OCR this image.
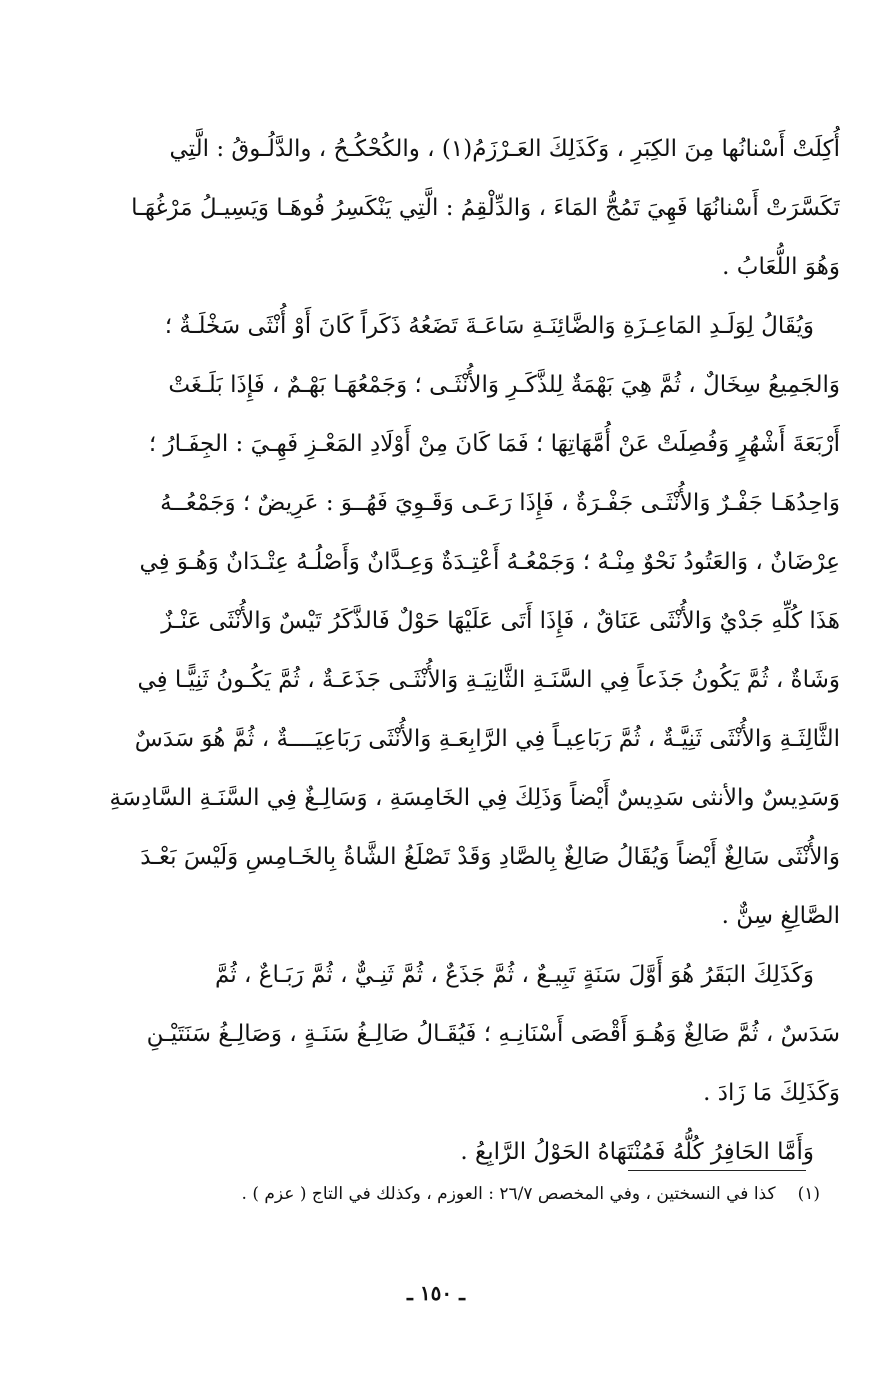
أُكِلَتْ أَسْنانُها مِنَ الكِبَرِ ، وَكَذَلِكَ العَـرْزَمُ(١) ، والكُحْكُـحُ ، والدَّلُـوقُ : الَّتِي
تَكَسَّرَتْ أَسْنانُهَا فَهِيَ تَمُجُّ المَاءَ ، وَالدِّلْقِمُ : الَّتِي يَنْكَسِرُ فُوهَـا وَيَسِيـلُ مَرْغُهَـا
وَهُوَ اللُّعَابُ .
وَيُقَالُ لِوَلَـدِ المَاعِـزَةِ وَالضَّائِنَـةِ سَاعَـةَ تَضَعُهُ ذَكَراً كَانَ أَوْ أُنْثَى سَخْلَـةٌ ؛
وَالجَمِيعُ سِخَالٌ ، ثُمَّ هِيَ بَهْمَةٌ لِلذَّكَـرِ وَالأُنْثَـى ؛ وَجَمْعُهَـا بَهْـمٌ ، فَإِذَا بَلَـغَتْ
أَرْبَعَةَ أَشْهُرٍ وَفُصِلَتْ عَنْ أُمَّهَاتِهَا ؛ فَمَا كَانَ مِنْ أَوْلَادِ المَعْـزِ فَهِـيَ : الجِفَـارُ ؛
وَاحِدُهَـا جَفْـرٌ وَالأُنْثَـى جَفْـرَةٌ ، فَإِذَا رَعَـى وَقَـوِيَ فَهُــوَ : عَرِيضٌ ؛ وَجَمْعُــهُ
عِرْضَانٌ ، وَالعَتُودُ نَحْوٌ مِنْـهُ ؛ وَجَمْعُـهُ أَعْتِـدَةٌ وَعِـدَّانٌ وَأَصْلُـهُ عِتْـدَانٌ وَهُـوَ فِي
هَذَا كُلِّهِ جَدْيٌ وَالأُنْثَى عَنَاقٌ ، فَإِذَا أَتَى عَلَيْهَا حَوْلٌ فَالذَّكَرُ تَيْسٌ وَالأُنْثَى عَنْـزٌ
وَشَاةٌ ، ثُمَّ يَكُونُ جَذَعاً فِي السَّنَـةِ الثَّانِيَـةِ وَالأُنْثَـى جَذَعَـةٌ ، ثُمَّ يَكُـونُ ثَنِيًّـا فِي
الثَّالِثَـةِ وَالأُنْثَى ثَنِيَّـةٌ ، ثُمَّ رَبَاعِيـاً فِي الرَّابِعَـةِ وَالأُنْثَى رَبَاعِيَــــةٌ ، ثُمَّ هُوَ سَدَسٌ
وَسَدِيسٌ والأنثى سَدِيسٌ أَيْضاً وَذَلِكَ فِي الخَامِسَةِ ، وَسَالِـغٌ فِي السَّنَـةِ السَّادِسَةِ
وَالأُنْثَى سَالِغٌ أَيْضاً وَيُقَالُ صَالِغٌ بِالصَّادِ وَقَدْ تَصْلَغُ الشَّاةُ بِالخَـامِسِ وَلَيْسَ بَعْـدَ
الصَّالِغِ سِنٌّ .
وَكَذَلِكَ البَقَرُ هُوَ أَوَّلَ سَنَةٍ تَبِيـعٌ ، ثُمَّ جَذَعٌ ، ثُمَّ ثَنِـيٌّ ، ثُمَّ رَبَـاعٌ ، ثُمَّ
سَدَسٌ ، ثُمَّ صَالِغٌ وَهُـوَ أَقْصَى أَسْنَانِـهِ ؛ فَيُقَـالُ صَالِـغُ سَنَـةٍ ، وَصَالِـغُ سَنَتَيْـنِ
وَكَذَلِكَ مَا زَادَ .
وَأَمَّا الحَافِرُ كُلُّهُ فَمُنْتَهَاهُ الحَوْلُ الرَّابِعُ .
(١)كذا في النسختين ، وفي المخصص ٢٦/٧ : العوزم ، وكذلك في التاج ( عزم ) .
ـ ١٥٠ ـ
